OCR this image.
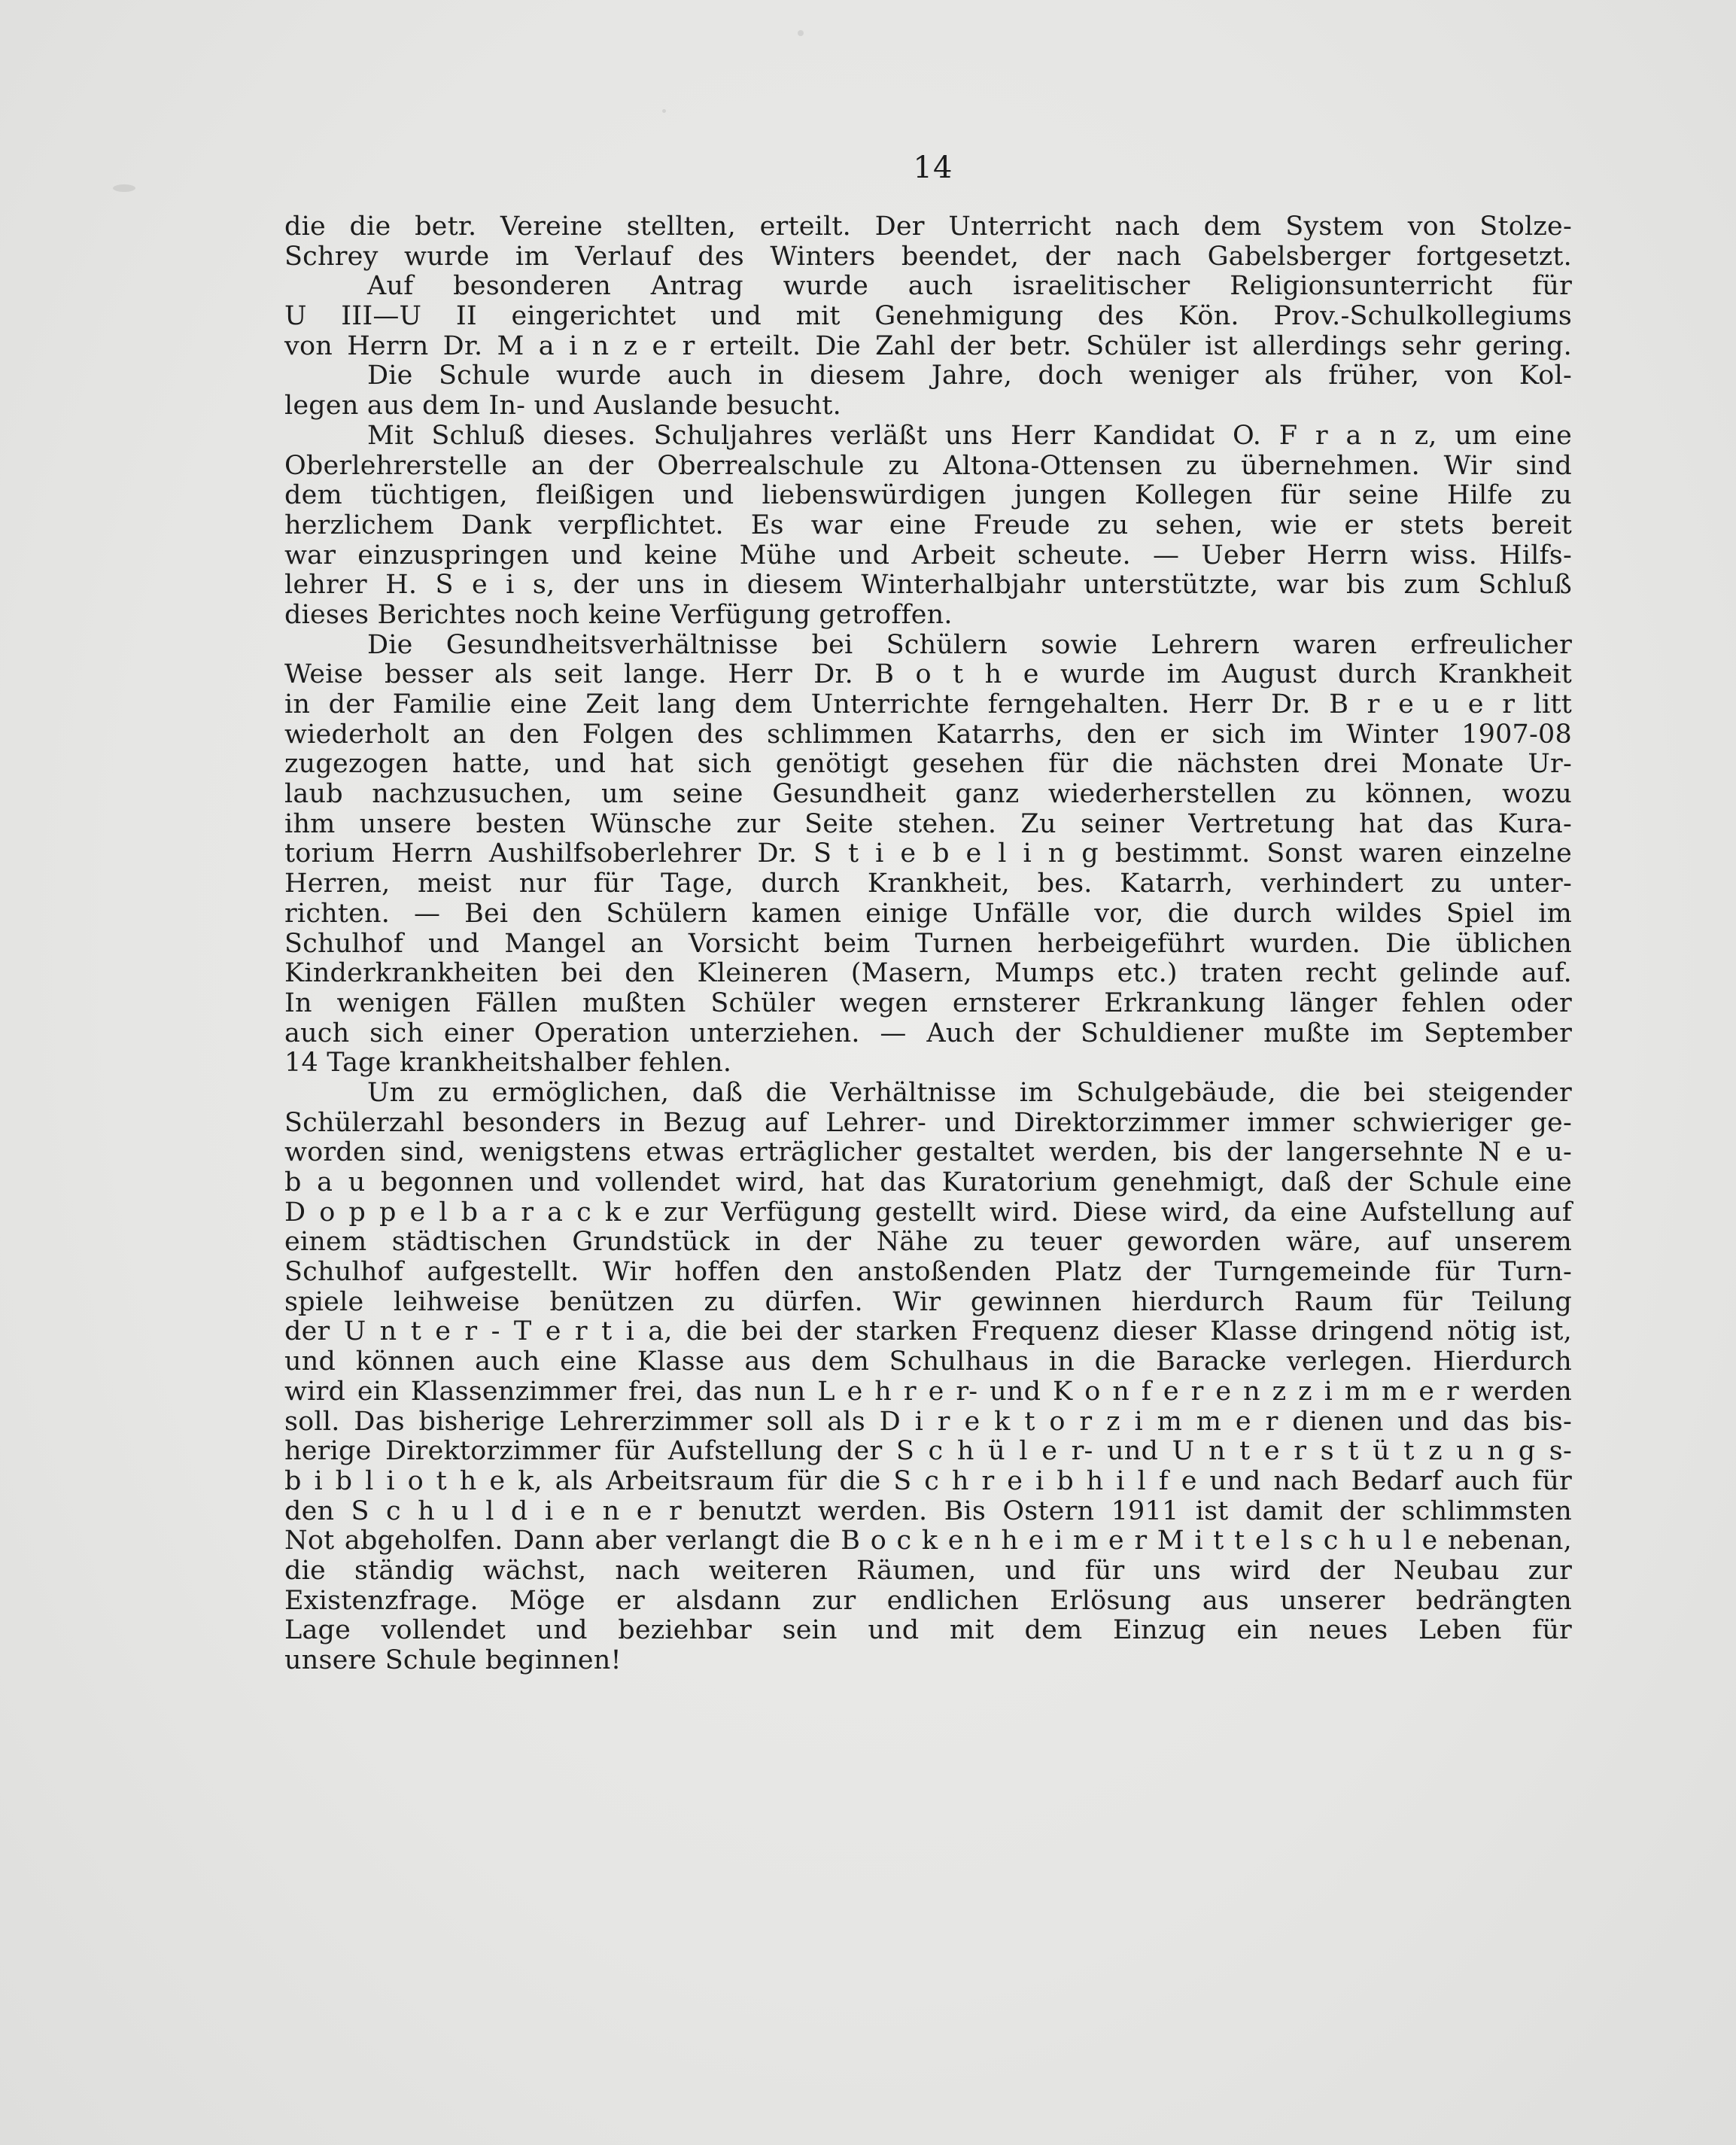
14
die die betr. Vereine stellten, erteilt. Der Unterricht nach dem System von Stolze-
Schrey wurde im Verlauf des Winters beendet, der nach Gabelsberger fortgesetzt.
Auf besonderen Antrag wurde auch israelitischer Religionsunterricht für
U III—U II eingerichtet und mit Genehmigung des Kön. Prov.-Schulkollegiums
von Herrn Dr. M a i n z e r erteilt. Die Zahl der betr. Schüler ist allerdings sehr gering.
Die Schule wurde auch in diesem Jahre, doch weniger als früher, von Kol-
legen aus dem In- und Auslande besucht.
Mit Schluß dieses. Schuljahres verläßt uns Herr Kandidat O. F r a n z, um eine
Oberlehrerstelle an der Oberrealschule zu Altona-Ottensen zu übernehmen. Wir sind
dem tüchtigen, fleißigen und liebenswürdigen jungen Kollegen für seine Hilfe zu
herzlichem Dank verpflichtet. Es war eine Freude zu sehen, wie er stets bereit
war einzuspringen und keine Mühe und Arbeit scheute. — Ueber Herrn wiss. Hilfs-
lehrer H. S e i s, der uns in diesem Winterhalbjahr unterstützte, war bis zum Schluß
dieses Berichtes noch keine Verfügung getroffen.
Die Gesundheitsverhältnisse bei Schülern sowie Lehrern waren erfreulicher
Weise besser als seit lange. Herr Dr. B o t h e wurde im August durch Krankheit
in der Familie eine Zeit lang dem Unterrichte ferngehalten. Herr Dr. B r e u e r litt
wiederholt an den Folgen des schlimmen Katarrhs, den er sich im Winter 1907-08
zugezogen hatte, und hat sich genötigt gesehen für die nächsten drei Monate Ur-
laub nachzusuchen, um seine Gesundheit ganz wiederherstellen zu können, wozu
ihm unsere besten Wünsche zur Seite stehen. Zu seiner Vertretung hat das Kura-
torium Herrn Aushilfsoberlehrer Dr. S t i e b e l i n g bestimmt. Sonst waren einzelne
Herren, meist nur für Tage, durch Krankheit, bes. Katarrh, verhindert zu unter-
richten. — Bei den Schülern kamen einige Unfälle vor, die durch wildes Spiel im
Schulhof und Mangel an Vorsicht beim Turnen herbeigeführt wurden. Die üblichen
Kinderkrankheiten bei den Kleineren (Masern, Mumps etc.) traten recht gelinde auf.
In wenigen Fällen mußten Schüler wegen ernsterer Erkrankung länger fehlen oder
auch sich einer Operation unterziehen. — Auch der Schuldiener mußte im September
14 Tage krankheitshalber fehlen.
Um zu ermöglichen, daß die Verhältnisse im Schulgebäude, die bei steigender
Schülerzahl besonders in Bezug auf Lehrer- und Direktorzimmer immer schwieriger ge-
worden sind, wenigstens etwas erträglicher gestaltet werden, bis der langersehnte N e u-
b a u begonnen und vollendet wird, hat das Kuratorium genehmigt, daß der Schule eine
D o p p e l b a r a c k e zur Verfügung gestellt wird. Diese wird, da eine Aufstellung auf
einem städtischen Grundstück in der Nähe zu teuer geworden wäre, auf unserem
Schulhof aufgestellt. Wir hoffen den anstoßenden Platz der Turngemeinde für Turn-
spiele leihweise benützen zu dürfen. Wir gewinnen hierdurch Raum für Teilung
der U n t e r - T e r t i a, die bei der starken Frequenz dieser Klasse dringend nötig ist,
und können auch eine Klasse aus dem Schulhaus in die Baracke verlegen. Hierdurch
wird ein Klassenzimmer frei, das nun L e h r e r- und K o n f e r e n z z i m m e r werden
soll. Das bisherige Lehrerzimmer soll als D i r e k t o r z i m m e r dienen und das bis-
herige Direktorzimmer für Aufstellung der S c h ü l e r- und U n t e r s t ü t z u n g s-
b i b l i o t h e k, als Arbeitsraum für die S c h r e i b h i l f e und nach Bedarf auch für
den S c h u l d i e n e r benutzt werden. Bis Ostern 1911 ist damit der schlimmsten
Not abgeholfen. Dann aber verlangt die B o c k e n h e i m e r M i t t e l s c h u l e nebenan,
die ständig wächst, nach weiteren Räumen, und für uns wird der Neubau zur
Existenzfrage. Möge er alsdann zur endlichen Erlösung aus unserer bedrängten
Lage vollendet und beziehbar sein und mit dem Einzug ein neues Leben für
unsere Schule beginnen!
